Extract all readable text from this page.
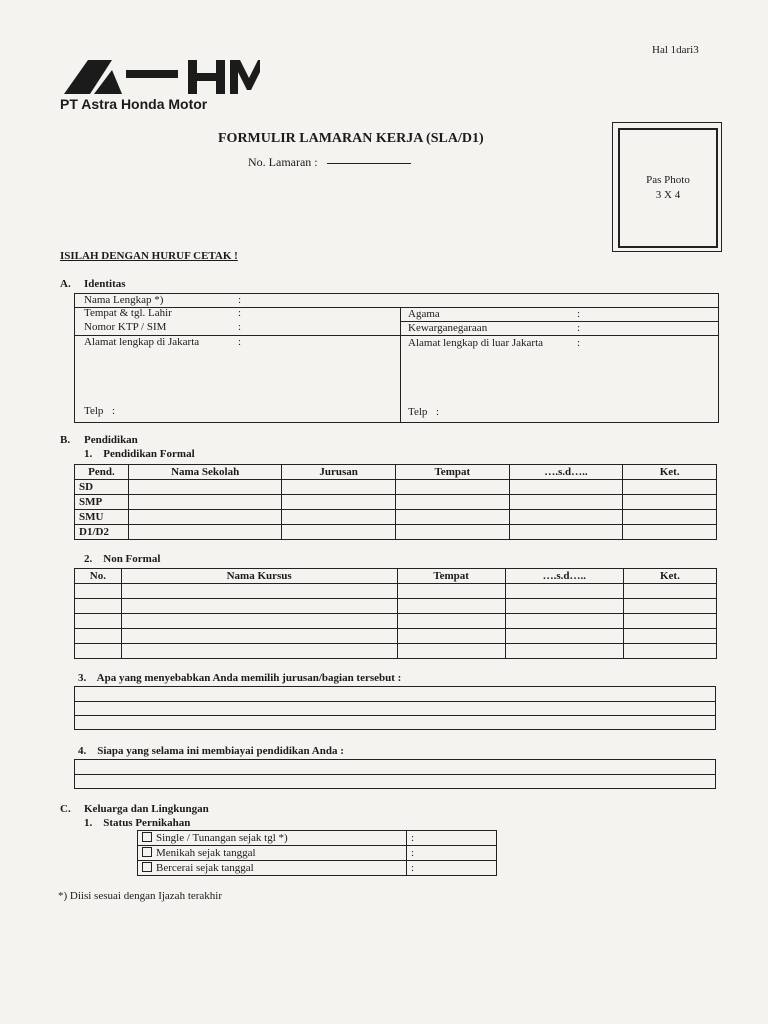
Hal 1dari3
PT Astra Honda Motor
FORMULIR LAMARAN KERJA (SLA/D1)
No. Lamaran :
Pas Photo
3 X 4
ISILAH DENGAN HURUF CETAK !
A. Identitas
Nama Lengkap *)	:
Tempat & tgl. Lahir	:
Nomor KTP / SIM	:
Alamat lengkap di Jakarta	:
Telp :
Agama	:
Kewarganegaraan	:
Alamat lengkap di luar Jakarta	:
Telp :
B. Pendidikan
1.    Pendidikan Formal
Pend.	Nama Sekolah	Jurusan	Tempat	….s.d…..	Ket.
SD					
SMP					
SMU					
D1/D2					
2.    Non Formal
No.	Nama Kursus	Tempat	….s.d…..	Ket.

3.    Apa yang menyebabkan Anda memilih jurusan/bagian tersebut :
4.    Siapa yang selama ini membiayai pendidikan Anda :
C. Keluarga dan Lingkungan
1.    Status Pernikahan
Single / Tunangan sejak tgl *)	:
Menikah sejak tanggal	:
Bercerai sejak tanggal	:
*) Diisi sesuai dengan Ijazah terakhir
